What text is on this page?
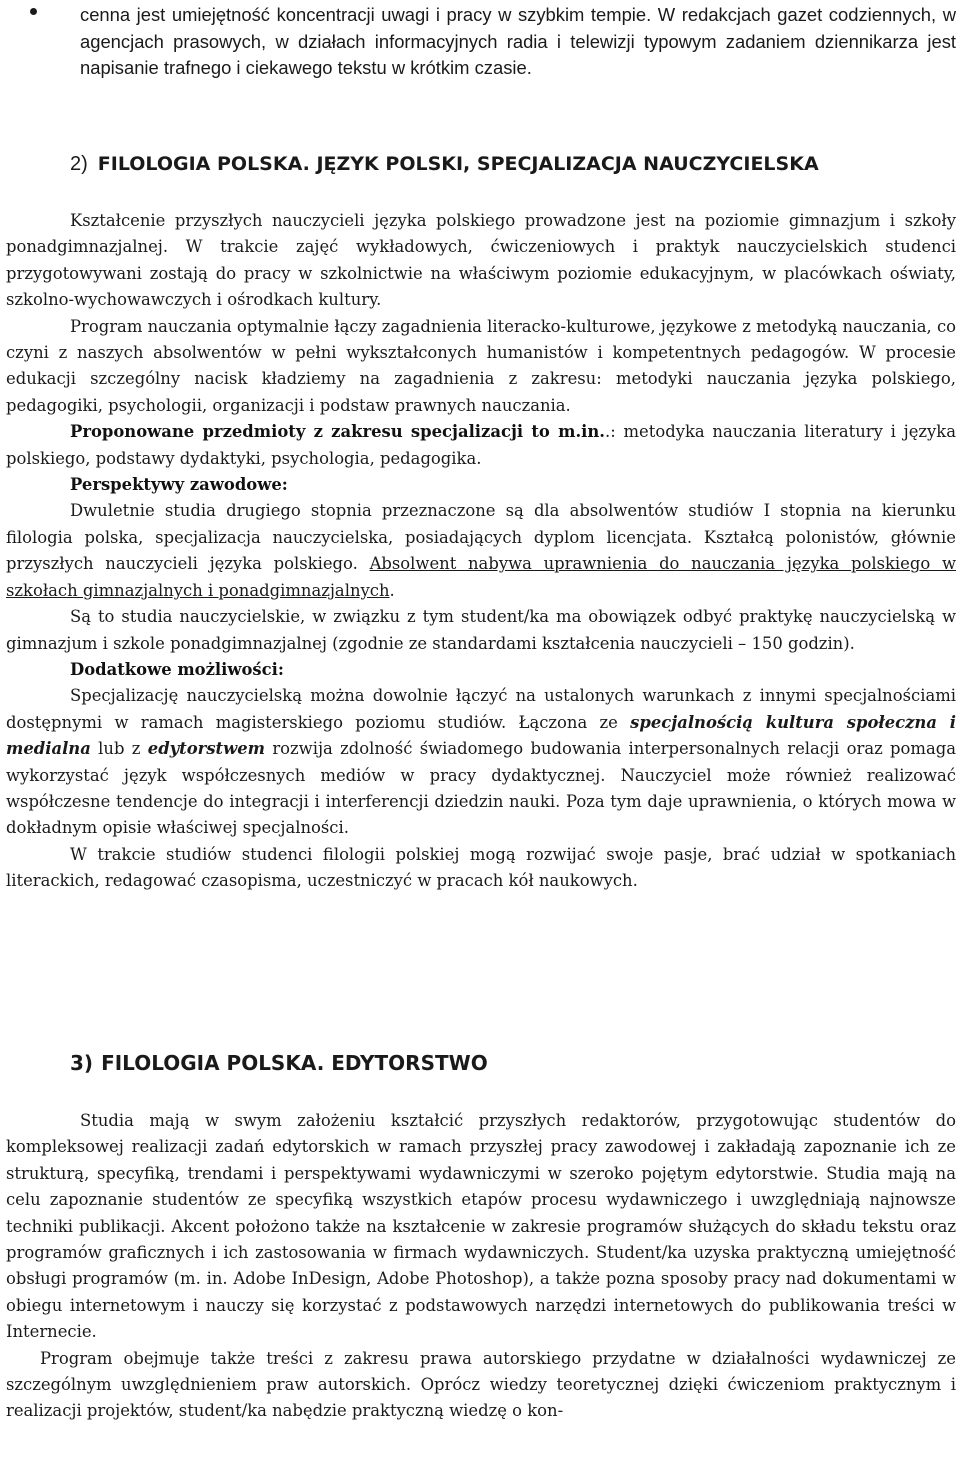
cenna jest umiejętność koncentracji uwagi i pracy w szybkim tempie. W redakcjach gazet codziennych, w agencjach prasowych, w działach informacyjnych radia i telewizji typowym zadaniem dziennikarza jest napisanie trafnego i ciekawego tekstu w krótkim czasie.
2) FILOLOGIA POLSKA. JĘZYK POLSKI, SPECJALIZACJA NAUCZYCIELSKA

Kształcenie przyszłych nauczycieli języka polskiego prowadzone jest na poziomie gimnazjum i szkoły ponadgimnazjalnej. W trakcie zajęć wykładowych, ćwiczeniowych i praktyk nauczycielskich studenci przygotowywani zostają do pracy w szkolnictwie na właściwym poziomie edukacyjnym, w placówkach oświaty, szkolno-wychowawczych i ośrodkach kultury.

Program nauczania optymalnie łączy zagadnienia literacko-kulturowe, językowe z metodyką nauczania, co czyni z naszych absolwentów w pełni wykształconych humanistów i kompetentnych pedagogów. W procesie edukacji szczególny nacisk kładziemy na zagadnienia z zakresu: metodyki nauczania języka polskiego, pedagogiki, psychologii, organizacji i podstaw prawnych nauczania.

Proponowane przedmioty z zakresu specjalizacji to m.in..: metodyka nauczania literatury i języka polskiego, podstawy dydaktyki, psychologia, pedagogika.

Perspektywy zawodowe:

Dwuletnie studia drugiego stopnia przeznaczone są dla absolwentów studiów I stopnia na kierunku filologia polska, specjalizacja nauczycielska, posiadających dyplom licencjata. Kształcą polonistów, głównie przyszłych nauczycieli języka polskiego. Absolwent nabywa uprawnienia do nauczania języka polskiego w szkołach gimnazjalnych i ponadgimnazjalnych.

Są to studia nauczycielskie, w związku z tym student/ka ma obowiązek odbyć praktykę nauczycielską w gimnazjum i szkole ponadgimnazjalnej (zgodnie ze standardami kształcenia nauczycieli – 150 godzin).

Dodatkowe możliwości:

Specjalizację nauczycielską można dowolnie łączyć na ustalonych warunkach z innymi specjalnościami dostępnymi w ramach magisterskiego poziomu studiów. Łączona ze specjalnością kultura społeczna i medialna lub z edytorstwem rozwija zdolność świadomego budowania interpersonalnych relacji oraz pomaga wykorzystać język współczesnych mediów w pracy dydaktycznej. Nauczyciel może również realizować współczesne tendencje do integracji i interferencji dziedzin nauki. Poza tym daje uprawnienia, o których mowa w dokładnym opisie właściwej specjalności.

W trakcie studiów studenci filologii polskiej mogą rozwijać swoje pasje, brać udział w spotkaniach literackich, redagować czasopisma, uczestniczyć w pracach kół naukowych.

3) FILOLOGIA POLSKA. EDYTORSTWO

Studia mają w swym założeniu kształcić przyszłych redaktorów, przygotowując studentów do kompleksowej realizacji zadań edytorskich w ramach przyszłej pracy zawodowej i zakładają zapoznanie ich ze strukturą, specyfiką, trendami i perspektywami wydawniczymi w szeroko pojętym edytorstwie. Studia mają na celu zapoznanie studentów ze specyfiką wszystkich etapów procesu wydawniczego i uwzględniają najnowsze techniki publikacji. Akcent położono także na kształcenie w zakresie programów służących do składu tekstu oraz programów graficznych i ich zastosowania w firmach wydawniczych. Student/ka uzyska praktyczną umiejętność obsługi programów (m. in. Adobe InDesign, Adobe Photoshop), a także pozna sposoby pracy nad dokumentami w obiegu internetowym i nauczy się korzystać z podstawowych narzędzi internetowych do publikowania treści w Internecie.

Program obejmuje także treści z zakresu prawa autorskiego przydatne w działalności wydawniczej ze szczególnym uwzględnieniem praw autorskich. Oprócz wiedzy teoretycznej dzięki ćwiczeniom praktycznym i realizacji projektów, student/ka nabędzie praktyczną wiedzę o kon-
